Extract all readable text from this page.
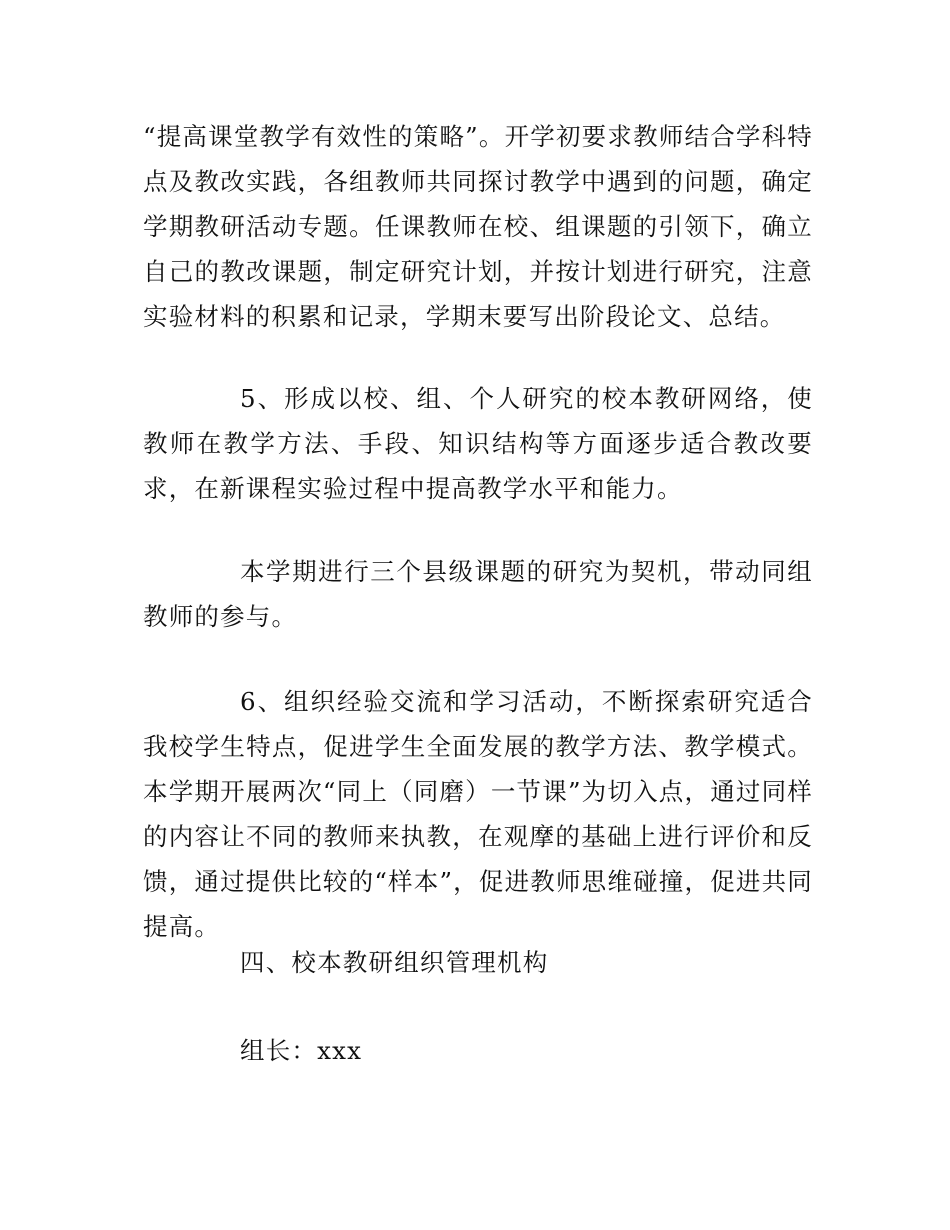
“提高课堂教学有效性的策略”。开学初要求教师结合学科特点及教改实践，各组教师共同探讨教学中遇到的问题，确定学期教研活动专题。任课教师在校、组课题的引领下，确立自己的教改课题，制定研究计划，并按计划进行研究，注意实验材料的积累和记录，学期末要写出阶段论文、总结。

5、形成以校、组、个人研究的校本教研网络，使教师在教学方法、手段、知识结构等方面逐步适合教改要求，在新课程实验过程中提高教学水平和能力。

本学期进行三个县级课题的研究为契机，带动同组教师的参与。

6、组织经验交流和学习活动，不断探索研究适合我校学生特点，促进学生全面发展的教学方法、教学模式。本学期开展两次“同上（同磨）一节课”为切入点，通过同样的内容让不同的教师来执教，在观摩的基础上进行评价和反馈，通过提供比较的“样本”，促进教师思维碰撞，促进共同提高。

四、校本教研组织管理机构

组长：xxx
